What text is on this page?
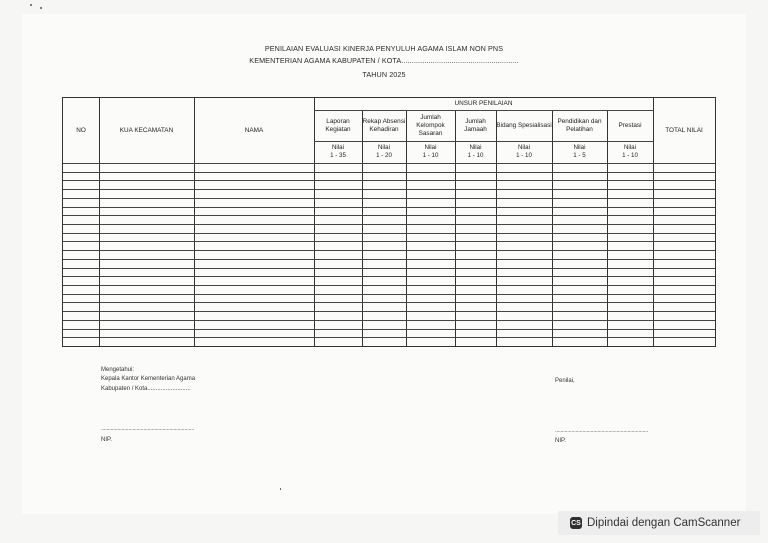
PENILAIAN EVALUASI KINERJA PENYULUH AGAMA ISLAM NON PNS
KEMENTERIAN AGAMA KABUPATEN / KOTA........................................................
TAHUN 2025
NO	KUA KECAMATAN	NAMA
UNSUR PENILAIAN
TOTAL NILAI
Laporan Kegiatan
Nilai
1 - 35
Rekap Absensi Kehadiran
Nilai
1 - 20
Jumlah Kelompok Sasaran
Nilai
1 - 10
Jumlah Jamaah
Nilai
1 - 10
Bidang Spesialisasi
Nilai
1 - 10
Pendidikan dan Pelatihan
Nilai
1 - 5
Prestasi
Nilai
1 - 10
Mengetahui:
Kepala Kantor Kementerian Agama
Kabupaten / Kota..........................
....................................................................
NIP.
Penilai,
....................................................................
NIP.
CS Dipindai dengan CamScanner
